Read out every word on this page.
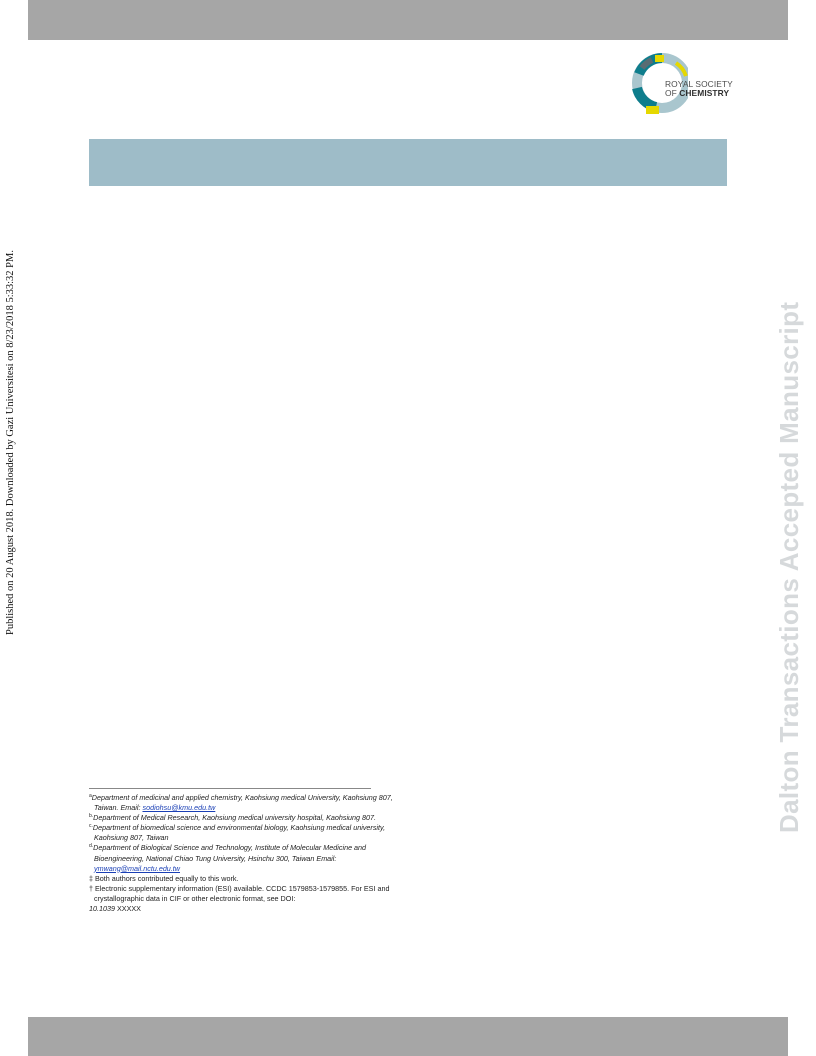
ROYAL SOCIETY
OF CHEMISTRY
Published on 20 August 2018. Downloaded by Gazi Universitesi on 8/23/2018 5:33:32 PM.	Dalton Transactions Accepted Manuscript

$^a$Department of medicinal and applied chemistry, Kaohsiung medical University, Kaohsiung 807, Taiwan. Email: sodiohsu@kmu.edu.tw

$^{b.}$Department of Medical Research, Kaohsiung medical university hospital, Kaohsiung 807.

$^{c.}$Department of biomedical science and environmental biology, Kaohsiung medical university, Kaohsiung 807, Taiwan

$^{d.}$Department of Biological Science and Technology, Institute of Molecular Medicine and Bioengineering, National Chiao Tung University, Hsinchu 300, Taiwan Email: ymwang@mail.nctu.edu.tw

‡ Both authors contributed equally to this work.

† Electronic supplementary information (ESI) available. CCDC 1579853-1579855. For ESI and crystallographic data in CIF or other electronic format, see DOI:

10.1039 XXXXX
